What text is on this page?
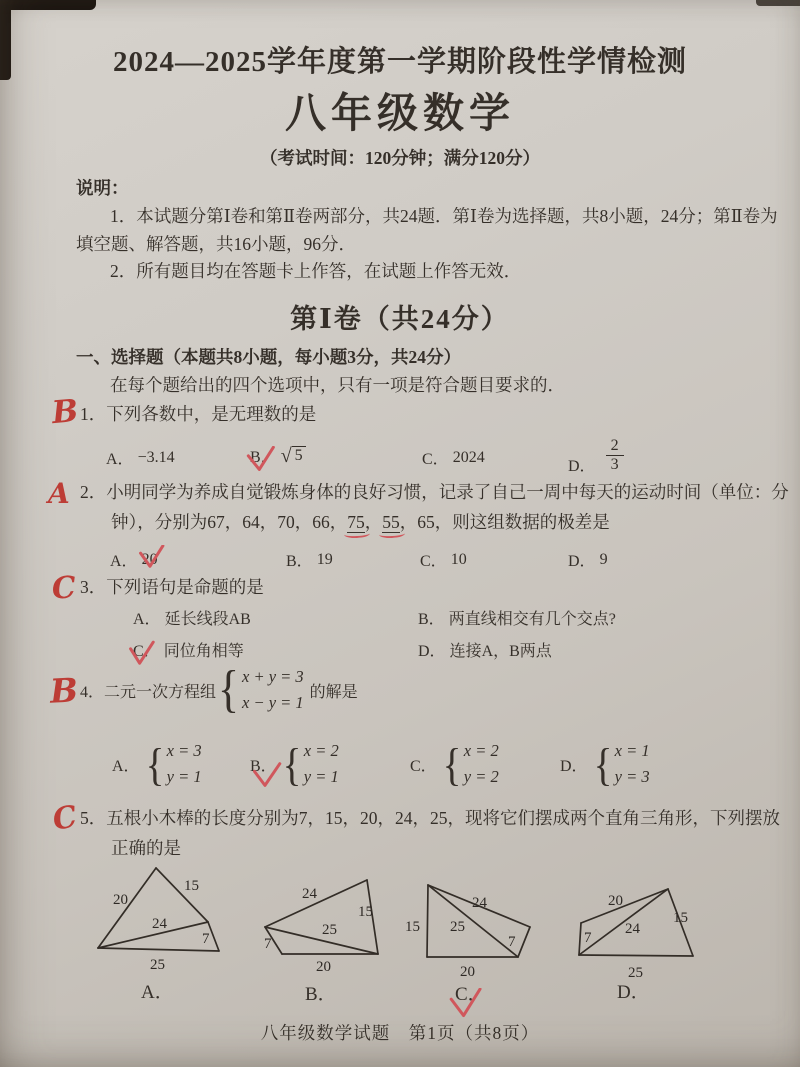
2024—2025学年度第一学期阶段性学情检测
八年级数学
（考试时间：120分钟；满分120分）
说明：
1．本试题分第Ⅰ卷和第Ⅱ卷两部分，共24题．第Ⅰ卷为选择题，共8小题，24分；第Ⅱ卷为
填空题、解答题，共16小题，96分．
2．所有题目均在答题卡上作答，在试题上作答无效．
第Ⅰ卷（共24分）
一、选择题（本题共8小题，每小题3分，共24分）
在每个题给出的四个选项中，只有一项是符合题目要求的．
1．下列各数中，是无理数的是
A． −3.14	B． √ 5	C． 2024
D． $\frac{2}{3}$
2．小明同学为养成自觉锻炼身体的良好习惯，记录了自己一周中每天的运动时间（单位：分
钟），分别为67，64，70，66，75，55，65，则这组数据的极差是
A． 20	B． 19	C． 10	D． 9
3．下列语句是命题的是
A． 延长线段AB	B． 两直线相交有几个交点?
C． 同位角相等	D． 连接A，B两点
4． 二元一次方程组 { x + y = 3
x − y = 1
的解是
A． { x = 3
y = 1
B． { x = 2
y = 1
C． { x = 2
y = 2
D． { x = 1
y = 3
5．五根小木棒的长度分别为7，15，20，24，25，现将它们摆成两个直角三角形，下列摆放
正确的是
20
15
24
7
25
24
15
25
7
20
15
24
25
7
20
20
7
24
15
25
A．	B．	C．	D．
八年级数学试题　第1页（共8页）
B
A
C
B
C
